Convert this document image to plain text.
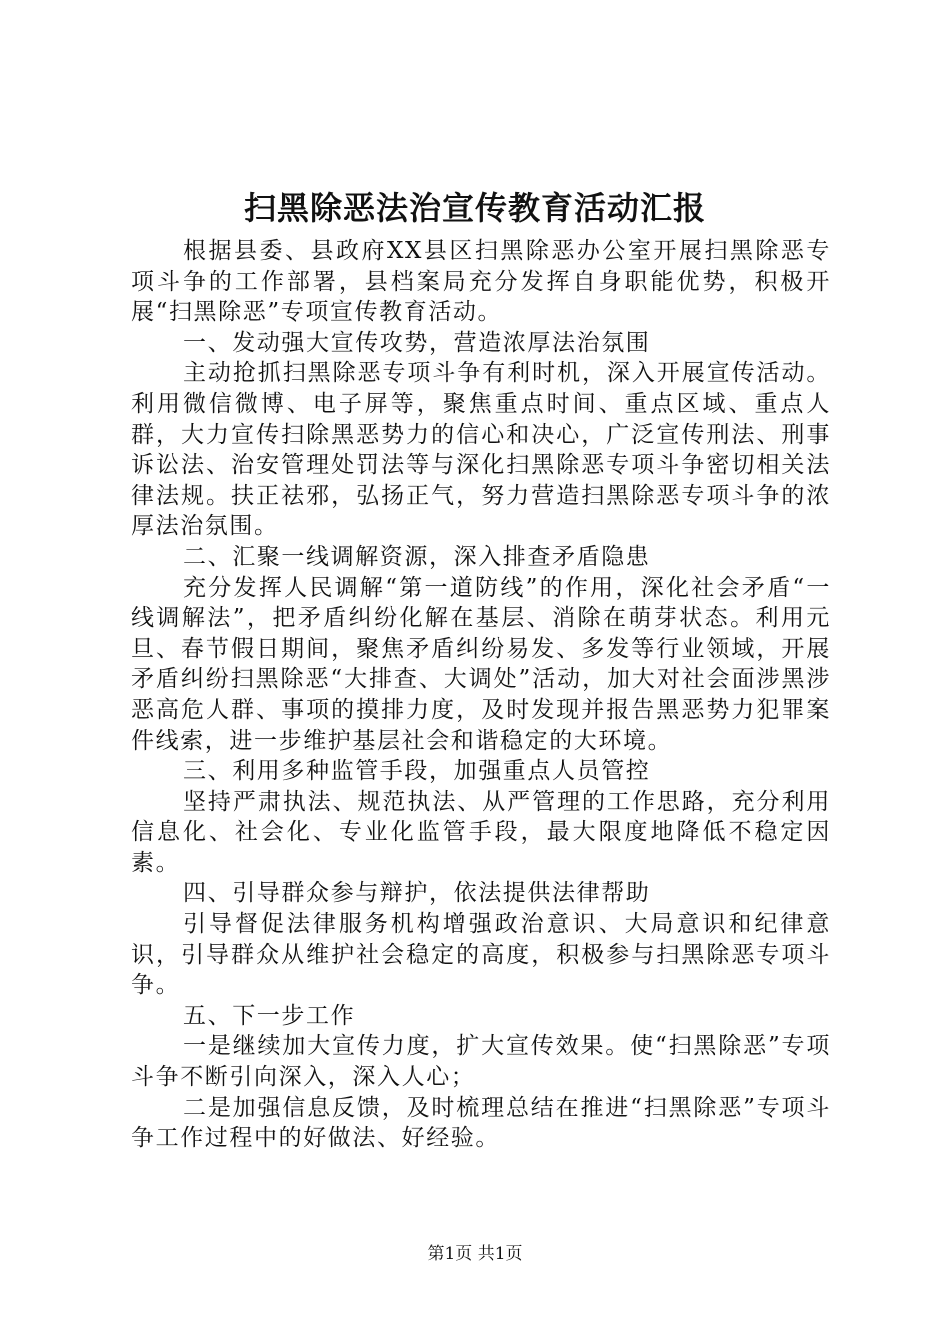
扫黑除恶法治宣传教育活动汇报

根据县委、县政府XX县区扫黑除恶办公室开展扫黑除恶专项斗争的工作部署，县档案局充分发挥自身职能优势，积极开展“扫黑除恶”专项宣传教育活动。

一、发动强大宣传攻势，营造浓厚法治氛围

主动抢抓扫黑除恶专项斗争有利时机，深入开展宣传活动。利用微信微博、电子屏等，聚焦重点时间、重点区域、重点人群，大力宣传扫除黑恶势力的信心和决心，广泛宣传刑法、刑事诉讼法、治安管理处罚法等与深化扫黑除恶专项斗争密切相关法律法规。扶正祛邪，弘扬正气，努力营造扫黑除恶专项斗争的浓厚法治氛围。

二、汇聚一线调解资源，深入排查矛盾隐患

充分发挥人民调解“第一道防线”的作用，深化社会矛盾“一线调解法”，把矛盾纠纷化解在基层、消除在萌芽状态。利用元旦、春节假日期间，聚焦矛盾纠纷易发、多发等行业领域，开展矛盾纠纷扫黑除恶“大排查、大调处”活动，加大对社会面涉黑涉恶高危人群、事项的摸排力度，及时发现并报告黑恶势力犯罪案件线索，进一步维护基层社会和谐稳定的大环境。

三、利用多种监管手段，加强重点人员管控

坚持严肃执法、规范执法、从严管理的工作思路，充分利用信息化、社会化、专业化监管手段，最大限度地降低不稳定因素。

四、引导群众参与辩护，依法提供法律帮助

引导督促法律服务机构增强政治意识、大局意识和纪律意识，引导群众从维护社会稳定的高度，积极参与扫黑除恶专项斗争。

五、下一步工作

一是继续加大宣传力度，扩大宣传效果。使“扫黑除恶”专项斗争不断引向深入，深入人心；

二是加强信息反馈，及时梳理总结在推进“扫黑除恶”专项斗争工作过程中的好做法、好经验。

第1页 共1页
